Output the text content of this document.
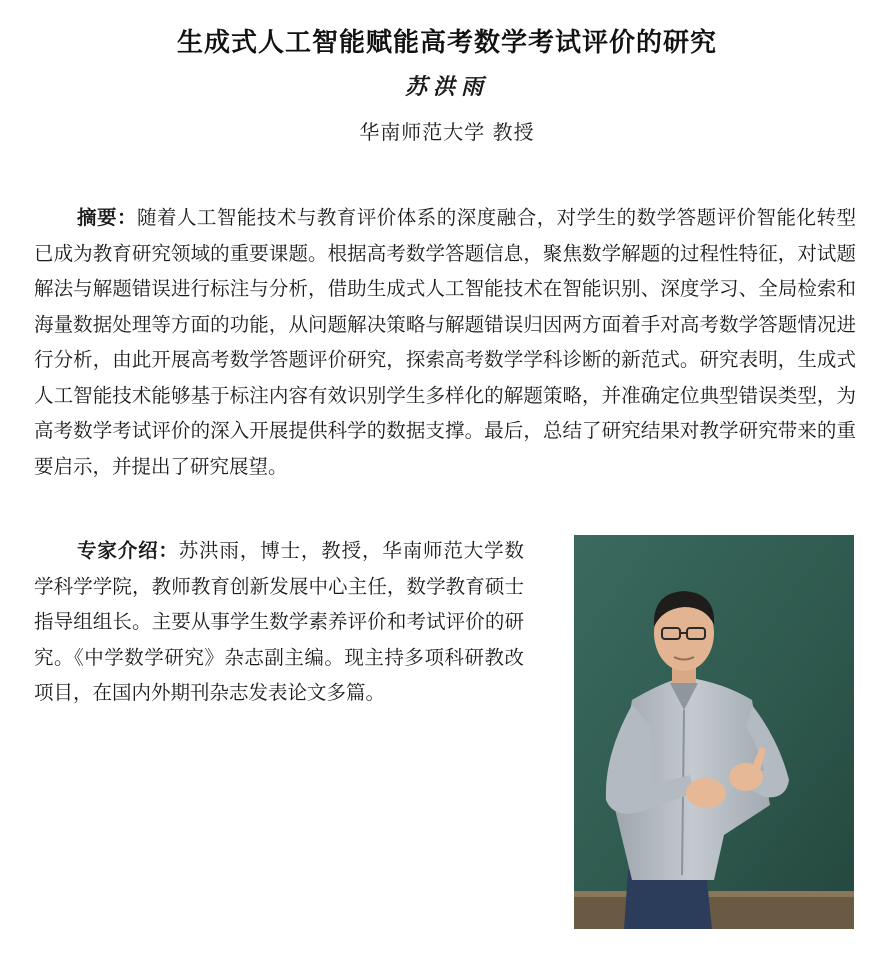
生成式人工智能赋能高考数学考试评价的研究
苏洪雨
华南师范大学 教授
摘要：随着人工智能技术与教育评价体系的深度融合，对学生的数学答题评价智能化转型已成为教育研究领域的重要课题。根据高考数学答题信息，聚焦数学解题的过程性特征，对试题解法与解题错误进行标注与分析，借助生成式人工智能技术在智能识别、深度学习、全局检索和海量数据处理等方面的功能，从问题解决策略与解题错误归因两方面着手对高考数学答题情况进行分析，由此开展高考数学答题评价研究，探索高考数学学科诊断的新范式。研究表明，生成式人工智能技术能够基于标注内容有效识别学生多样化的解题策略，并准确定位典型错误类型，为高考数学考试评价的深入开展提供科学的数据支撑。最后，总结了研究结果对教学研究带来的重要启示，并提出了研究展望。
专家介绍：苏洪雨，博士，教授，华南师范大学数学科学学院，教师教育创新发展中心主任，数学教育硕士指导组组长。主要从事学生数学素养评价和考试评价的研究。《中学数学研究》杂志副主编。现主持多项科研教改项目，在国内外期刊杂志发表论文多篇。
